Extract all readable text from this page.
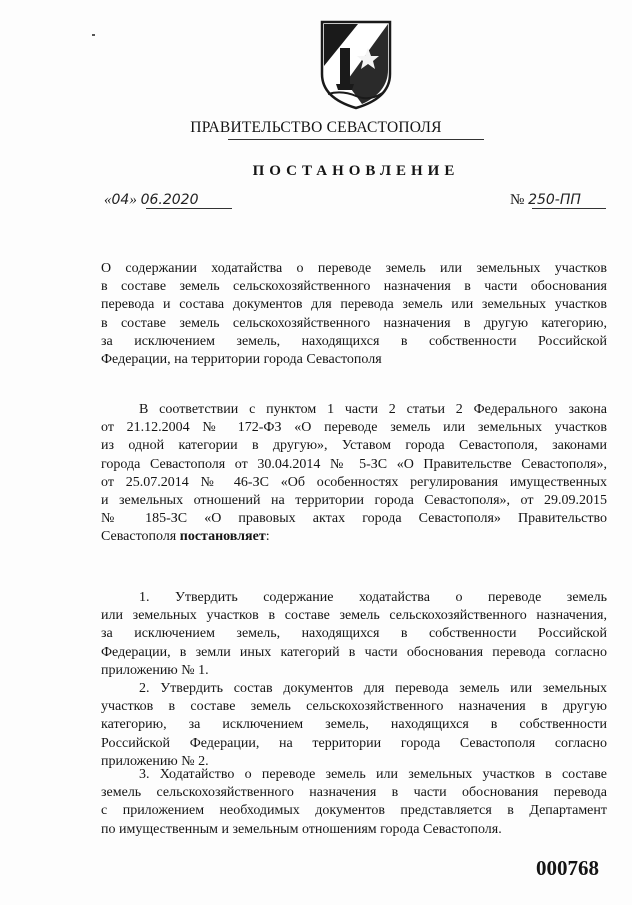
ПРАВИТЕЛЬСТВО СЕВАСТОПОЛЯ
ПОСТАНОВЛЕНИЕ
«04» 06.2020	№ 250-ПП

О содержании ходатайства о переводе земель или земельных участков

в составе земель сельскохозяйственного назначения в части обоснования

перевода и состава документов для перевода земель или земельных участков

в составе земель сельскохозяйственного назначения в другую категорию,

за исключением земель, находящихся в собственности Российской

Федерации, на территории города Севастополя

В соответствии с пунктом 1 части 2 статьи 2 Федерального закона

от 21.12.2004 № 172-ФЗ «О переводе земель или земельных участков

из одной категории в другую», Уставом города Севастополя, законами

города Севастополя от 30.04.2014 № 5-ЗС «О Правительстве Севастополя»,

от 25.07.2014 № 46-ЗС «Об особенностях регулирования имущественных

и земельных отношений на территории города Севастополя», от 29.09.2015

№ 185-ЗС «О правовых актах города Севастополя» Правительство

Севастополя постановляет:

1. Утвердить содержание ходатайства о переводе земель

или земельных участков в составе земель сельскохозяйственного назначения,

за исключением земель, находящихся в собственности Российской

Федерации, в земли иных категорий в части обоснования перевода согласно

приложению № 1.

2. Утвердить состав документов для перевода земель или земельных

участков в составе земель сельскохозяйственного назначения в другую

категорию, за исключением земель, находящихся в собственности

Российской Федерации, на территории города Севастополя согласно

приложению № 2.

3. Ходатайство о переводе земель или земельных участков в составе

земель сельскохозяйственного назначения в части обоснования перевода

с приложением необходимых документов представляется в Департамент

по имущественным и земельным отношениям города Севастополя.

000768
